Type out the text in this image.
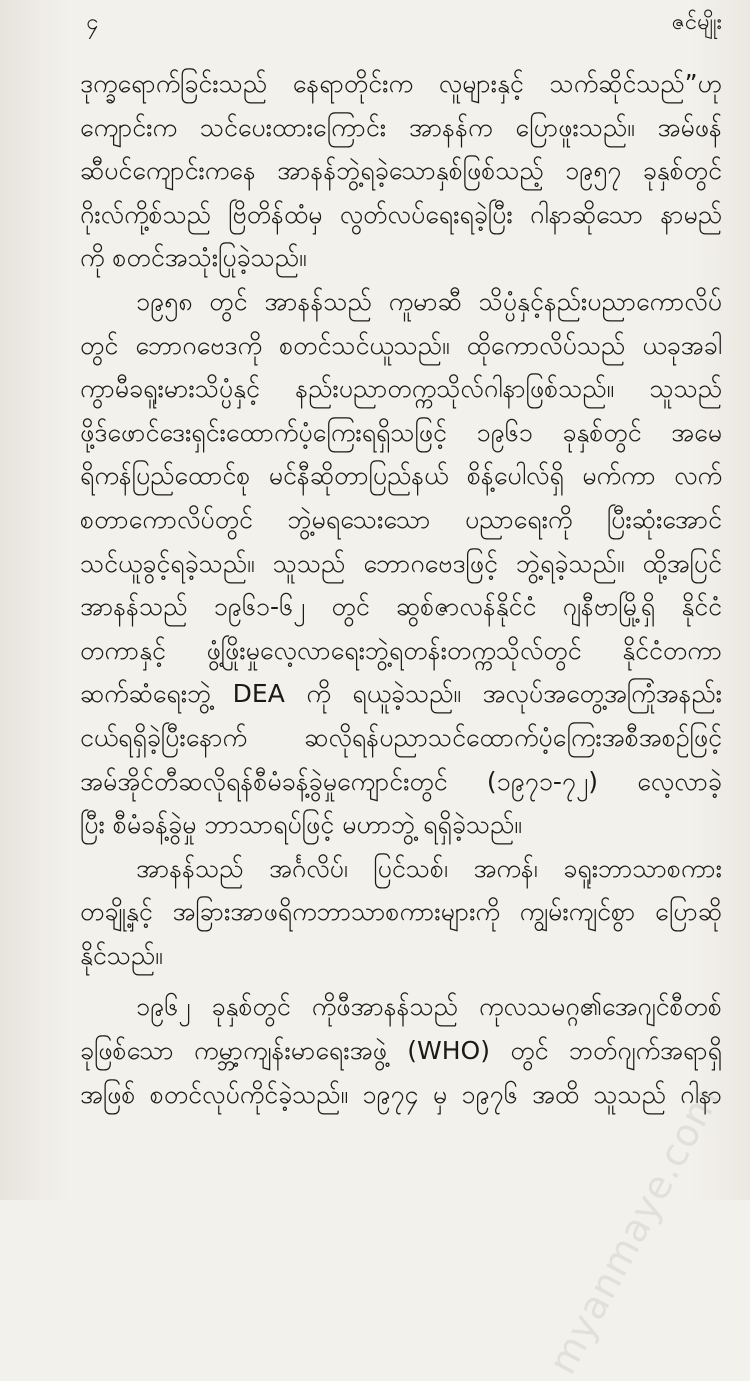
၄	ဇင်မျိုး
ဒုက္ခရောက်ခြင်းသည် နေရာတိုင်းက လူများနှင့် သက်ဆိုင်သည်”ဟု
ကျောင်းက သင်ပေးထားကြောင်း အာနန်က ပြောဖူးသည်။ အမ်ဖန်
ဆီပင်ကျောင်းကနေ အာနန်ဘွဲ့ရခဲ့သောနှစ်ဖြစ်သည့် ၁၉၅၇ ခုနှစ်တွင်
ဂိုးလ်ကို့စ်သည် ဗြိတိန်ထံမှ လွတ်လပ်ရေးရခဲ့ပြီး ဂါနာဆိုသော နာမည်
ကို စတင်အသုံးပြုခဲ့သည်။
၁၉၅၈ တွင် အာနန်သည် ကူမာဆီ သိပ္ပံနှင့်နည်းပညာကောလိပ်
တွင် ဘောဂဗေဒကို စတင်သင်ယူသည်။ ထိုကောလိပ်သည် ယခုအခါ
ကွာမီခရူးမားသိပ္ပံနှင့် နည်းပညာတက္ကသိုလ်ဂါနာဖြစ်သည်။ သူသည်
ဖို့ဒ်ဖောင်ဒေးရှင်းထောက်ပံ့ကြေးရရှိသဖြင့် ၁၉၆၁ ခုနှစ်တွင် အမေ
ရိကန်ပြည်ထောင်စု မင်နီဆိုတာပြည်နယ် စိန့်ပေါလ်ရှိ မက်ကာ လက်
စတာကောလိပ်တွင် ဘွဲ့မရသေးသော ပညာရေးကို ပြီးဆုံးအောင်
သင်ယူခွင့်ရခဲ့သည်။ သူသည် ဘောဂဗေဒဖြင့် ဘွဲ့ရခဲ့သည်။ ထို့အပြင်
အာနန်သည် ၁၉၆၁-၆၂ တွင် ဆွစ်ဇာလန်နိုင်ငံ ဂျနီဗာမြို့ရှိ နိုင်ငံ
တကာနှင့် ဖွံ့ဖြိုးမှုလေ့လာရေးဘွဲ့ရတန်းတက္ကသိုလ်တွင် နိုင်ငံတကာ
ဆက်ဆံရေးဘွဲ့ DEA ကို ရယူခဲ့သည်။ အလုပ်အတွေ့အကြုံအနည်း
ငယ်ရရှိခဲ့ပြီးနောက် ဆလိုရန်ပညာသင်ထောက်ပံ့ကြေးအစီအစဉ်ဖြင့်
အမ်အိုင်တီဆလိုရန်စီမံခန့်ခွဲမှုကျောင်းတွင် (၁၉၇၁-၇၂) လေ့လာခဲ့
ပြီး စီမံခန့်ခွဲမှု ဘာသာရပ်ဖြင့် မဟာဘွဲ့ ရရှိခဲ့သည်။
အာနန်သည် အင်္ဂလိပ်၊ ပြင်သစ်၊ အကန်၊ ခရူးဘာသာစကား
တချို့နှင့် အခြားအာဖရိကဘာသာစကားများကို ကျွမ်းကျင်စွာ ပြောဆို
နိုင်သည်။
၁၉၆၂ ခုနှစ်တွင် ကိုဖီအာနန်သည် ကုလသမဂ္ဂ၏အေဂျင်စီတစ်
ခုဖြစ်သော ကမ္ဘာ့ကျန်းမာရေးအဖွဲ့ (WHO) တွင် ဘတ်ဂျက်အရာရှိ
အဖြစ် စတင်လုပ်ကိုင်ခဲ့သည်။ ၁၉၇၄ မှ ၁၉၇၆ အထိ သူသည် ဂါနာ
myanmaye.com
